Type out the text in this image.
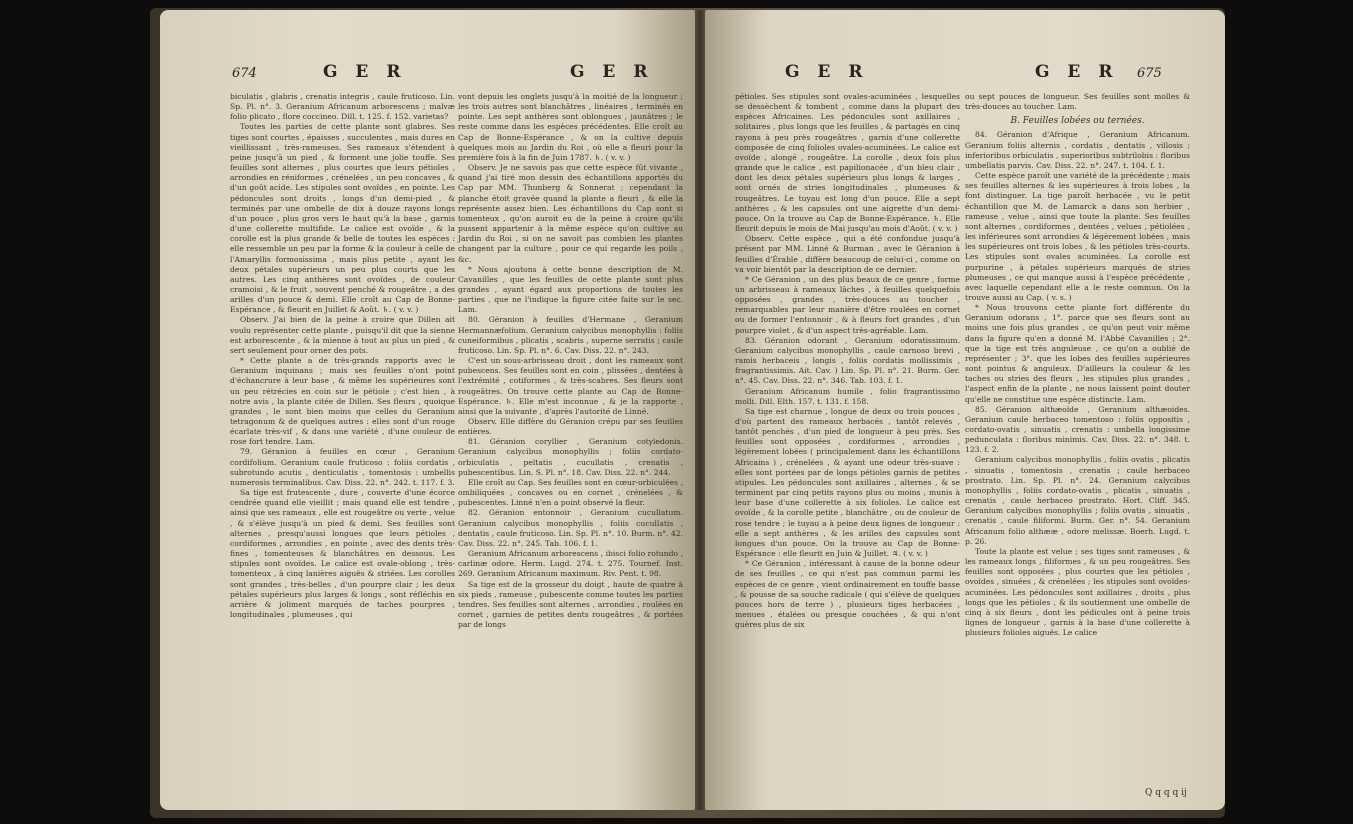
674	G E R	G E R

biculatis , glabris , crenatis integris , caule fruticoso. Lin. Sp. Pl. n°. 3. Geranium Africanum arborescens ; malvæ folio plicato , flore coccineo. Dill. t. 125. f. 152. varietas?

Toutes les parties de cette plante sont glabres. Ses tiges sont courtes , épaisses , succulentes , mais dures en vieillissant , très-rameuses. Ses rameaux s'étendent à peine jusqu'à un pied , & forment une jolie touffe. Ses feuilles sont alternes , plus courtes que leurs pétioles , arrondies en réniformes , crénelées , un peu concaves , & d'un goût acide. Les stipules sont ovoïdes , en pointe. Les pédoncules sont droits , longs d'un demi-pied , & terminés par une ombelle de dix à douze rayons longs d'un pouce , plus gros vers le haut qu'à la base , garnis d'une collerette multifide. Le calice est ovoïde , & la corolle est la plus grande & belle de toutes les espèces : elle ressemble un peu par la forme & la couleur à celle de l'Amaryllis formosissima , mais plus petite , ayant les deux pétales supérieurs un peu plus courts que les autres. Les cinq anthères sont ovoïdes , de couleur cramoisi , & le fruit , souvent penché & rougeâtre , a des arilles d'un pouce & demi. Elle croît au Cap de Bonne-Espérance , & fleurit en Juillet & Août. ♄. ( v. v. )

Observ. J'ai bien de la peine à croire que Dillen ait voulu représenter cette plante , puisqu'il dit que la sienne est arborescente , & la mienne à tout au plus un pied , & sert seulement pour orner des pots.

* Cette plante a de très-grands rapports avec le Geranium inquinans ; mais ses feuilles n'ont point d'échancrure à leur base , & même les supérieures sont un peu rétrécies en coin sur le pétiole ; c'est bien , à notre avis , la plante citée de Dillen. Ses fleurs , quoique grandes , le sont bien moins que celles du Geranium tetragonum & de quelques autres : elles sont d'un rouge écarlate très-vif , & dans une variété , d'une couleur de rose fort tendre. Lam.

79. Géranion à feuilles en cœur , Geranium cordifolium. Geranium caule fruticoso : foliis cordatis , subrotundo acutis , denticulatis , tomentosis : umbellis numerosis terminalibus. Cav. Diss. 22. n°. 242. t. 117. f. 3.

Sa tige est frutescente , dure , couverte d'une écorce cendrée quand elle vieillit ; mais quand elle est tendre , ainsi que ses rameaux , elle est rougeâtre ou verte , velue , & s'élève jusqu'à un pied & demi. Ses feuilles sont alternes , presqu'aussi longues que leurs pétioles , cordiformes , arrondies , en pointe , avec des dents très-fines , tomenteuses & blanchâtres en dessous. Les stipules sont ovoïdes. Le calice est ovale-oblong , très-tomenteux , à cinq lanières aiguës & striées. Les corolles sont grandes , très-belles , d'un pourpre clair ; les deux pétales supérieurs plus larges & longs , sont réfléchis en arrière & joliment marqués de taches pourpres , longitudinales , plumeuses , qui

vont depuis les onglets jusqu'à la moitié de la longueur ; les trois autres sont blanchâtres , linéaires , terminés en pointe. Les sept anthères sont oblongues , jaunâtres ; le reste comme dans les espèces précédentes. Elle croît au Cap de Bonne-Espérance , & on la cultive depuis quelques mois au Jardin du Roi , où elle a fleuri pour la première fois à la fin de Juin 1787. ♄. ( v. v. )

Observ. Je ne savois pas que cette espèce fût vivante , quand j'ai tiré mon dessin des échantillons apportés du Cap par MM. Thunberg & Sonnerat ; cependant la planche étoit gravée quand la plante a fleuri , & elle la représente assez bien. Les échantillons du Cap sont si tomenteux , qu'on auroit eu de la peine à croire qu'ils pussent appartenir à la même espèce qu'on cultive au Jardin du Roi , si on ne savoit pas combien les plantes changent par la culture , pour ce qui regarde les poils , &c.

* Nous ajoutons à cette bonne description de M. Cavanilles , que les feuilles de cette plante sont plus grandes , ayant égard aux proportions de toutes les parties , que ne l'indique la figure citée faite sur le sec. Lam.

80. Géranion à feuilles d'Hermane , Geranium Hermannæfolium. Geranium calycibus monophyllis : foliis cuneiformibus , plicatis , scabris , superne serratis ; caule fruticoso. Lin. Sp. Pl. n°. 6. Cav. Diss. 22. n°. 243.

C'est un sous-arbrisseau droit , dont les rameaux sont pubescens. Ses feuilles sont en coin , plissées , dentées à l'extrémité , cotiformes , & très-scabres. Ses fleurs sont rougeâtres. On trouve cette plante au Cap de Bonne-Espérance. ♄. Elle m'est inconnue , & je la rapporte , ainsi que la suivante , d'après l'autorité de Linné.

Observ. Elle diffère du Géranion crépu par ses feuilles entières.

81. Géranion coryllier , Geranium cotyledonis. Geranium calycibus monophyllis ; foliis cordato-orbiculatis , peltatis , cucullatis , crenatis , pubescentibus. Lin. S. Pl. n°. 18. Cav. Diss. 22. n°. 244.

Elle croît au Cap. Ses feuilles sont en cœur-orbiculées , ombiliquées , concaves ou en cornet , crénelées , & pubescentes. Linné n'en a point observé la fleur.

82. Géranion entonnoir , Geranium cucullatum. Geranium calycibus monophyllis , foliis cucullatis , dentatis , caule fruticoso. Lin. Sp. Pl. n°. 10. Burm. n°. 42. Cav. Diss. 22. n°. 245. Tab. 106. f. 1.

Geranium Africanum arborescens , ibisci folio rotundo , carlinæ odore. Herm. Lugd. 274. t. 275. Tournef. Inst. 269. Geranium Africanum maximum. Riv. Pent. t. 98.

Sa tige est de la grosseur du doigt , haute de quatre à six pieds , rameuse , pubescente comme toutes les parties tendres. Ses feuilles sont alternes , arrondies , roulées en cornet , garnies de petites dents rougeâtres , & portées par de longs

G E R	G E R 675

pétioles. Ses stipules sont ovales-acuminées , lesquelles se dessèchent & tombent , comme dans la plupart des espèces Africaines. Les pédoncules sont axillaires , solitaires , plus longs que les feuilles , & partagés en cinq rayons à peu près rougeâtres , garnis d'une collerette composée de cinq folioles ovales-acuminées. Le calice est ovoïde , alongé , rougeâtre. La corolle , deux fois plus grande que le calice , est papilionacée , d'un bleu clair , dont les deux pétales supérieurs plus longs & larges , sont ornés de stries longitudinales , plumeuses & rougeâtres. Le tuyau est long d'un pouce. Elle a sept anthères , & les capsules ont une aigrette d'un demi-pouce. On la trouve au Cap de Bonne-Espérance. ♄. Elle fleurit depuis le mois de Mai jusqu'au mois d'Août. ( v. v. )

Observ. Cette espèce , qui a été confondue jusqu'à présent par MM. Linné & Burman , avec le Géranion à feuilles d'Érable , diffère beaucoup de celui-ci , comme on va voir bientôt par la description de ce dernier.

* Ce Géranion , un des plus beaux de ce genre , forme un arbrisseau à rameaux lâches , à feuilles quelquefois opposées , grandes , très-douces au toucher , remarquables par leur manière d'être roulées en cornet ou de former l'entonnoir , & à fleurs fort grandes , d'un pourpre violet , & d'un aspect très-agréable. Lam.

83. Géranion odorant , Geranium odoratissimum. Geranium calycibus monophyllis , caule carnoso brevi , ramis herbaceis , longis , foliis cordatis mollissimis , fragrantissimis. Ait. Cav. ) Lin. Sp. Pl. n°. 21. Burm. Ger. n°. 45. Cav. Diss. 22. n°. 346. Tab. 103. f. 1.

Geranium Africanum humile , folio fragrantissimo molli. Dill. Elth. 157. t. 131. f. 158.

Sa tige est charnue , longue de deux ou trois pouces , d'où partent des rameaux herbacés , tantôt relevés , tantôt penchés , d'un pied de longueur à peu près. Ses feuilles sont opposées , cordiformes , arrondies , légèrement lobées ( principalement dans les échantillons Africains ) , crénelées , & ayant une odeur très-suave : elles sont portées par de longs pétioles garnis de petites stipules. Les pédoncules sont axillaires , alternes , & se terminent par cinq petits rayons plus ou moins , munis à leur base d'une collerette à six folioles. Le calice est ovoïde , & la corolle petite , blanchâtre , ou de couleur de rose tendre ; le tuyau a à peine deux lignes de longueur : elle a sept anthères , & les arilles des capsules sont longues d'un pouce. On la trouve au Cap de Bonne-Espérance : elle fleurit en Juin & Juillet. ♃. ( v. v. )

* Ce Géranion , intéressant à cause de la bonne odeur de ses feuilles , ce qui n'est pas commun parmi les espèces de ce genre , vient ordinairement en touffe basse , & pousse de sa souche radicale ( qui s'élève de quelques pouces hors de terre ) , plusieurs tiges herbacées , menues , étalées ou presque couchées , & qui n'ont guères plus de six

ou sept pouces de longueur. Ses feuilles sont molles & très-douces au toucher. Lam.

B. Feuilles lobées ou ternées.

84. Géranion d'Afrique , Geranium Africanum. Geranium foliis alternis , cordatis , dentatis , villosis ; inferioribus orbiculatis , superioribus subtrilobis : floribus umbellatis parvis. Cav. Diss. 22. n°. 247. t. 104. f. 1.

Cette espèce paroît une variété de la précédente ; mais ses feuilles alternes & les supérieures à trois lobes , la font distinguer. La tige paroît herbacée , vu le petit échantillon que M. de Lamarck a dans son herbier , rameuse , velue , ainsi que toute la plante. Ses feuilles sont alternes , cordiformes , dentées , velues , pétiolées , les inférieures sont arrondies & légèrement lobées , mais les supérieures ont trois lobes , & les pétioles très-courts. Les stipules sont ovales acuminées. La corolle est purpurine , à pétales supérieurs marqués de stries plumeuses , ce qui manque aussi à l'espèce précédente , avec laquelle cependant elle a le reste commun. On la trouve aussi au Cap. ( v. s. )

* Nous trouvons cette plante fort différente du Geranium odorans , 1°. parce que ses fleurs sont au moins une fois plus grandes , ce qu'on peut voir même dans la figure qu'en a donné M. l'Abbé Cavanilles ; 2°. que la tige est très anguleuse , ce qu'on a oublié de représenter ; 3°. que les lobes des feuilles supérieures sont pointus & anguleux. D'ailleurs la couleur & les taches ou stries des fleurs , les stipules plus grandes , l'aspect enfin de la plante , ne nous laissent point douter qu'elle ne constitue une espèce distincte. Lam.

85. Géranion althæoïde , Geranium althæoides. Geranium caule herbaceo tomentoso : foliis oppositis , cordato-ovatis , sinuatis , crenatis : umbella longissime pedunculata : floribus minimis. Cav. Diss. 22. n°. 348. t. 123. f. 2.

Geranium calycibus monophyllis , foliis ovatis , plicatis , sinuatis , tomentosis , crenatis ; caule herbaceo prostrato. Lin. Sp. Pl. n°. 24. Geranium calycibus monophyllis , foliis cordato-ovatis , plicatis , sinuatis , crenatis , caule herbaceo prostrato. Hort. Cliff. 345. Geranium calycibus monophyllis ; foliis ovatis , sinuatis , crenatis , caule filiformi. Burm. Ger. n°. 54. Geranium Africanum folio althææ , odore melissæ. Boerh. Lugd. t. p. 26.

Toute la plante est velue ; ses tiges sont rameuses , & les rameaux longs , filiformes , & un peu rougeâtres. Ses feuilles sont opposées , plus courtes que les pétioles , ovoïdes , sinuées , & crénelées ; les stipules sont ovoïdes-acuminées. Les pédoncules sont axillaires , droits , plus longs que les pétioles , & ils soutiennent une ombelle de cinq à six fleurs , dont les pédicules ont à peine trois lignes de longueur , garnis à la base d'une collerette à plusieurs folioles aiguës. Le calice

Q q q q ij
